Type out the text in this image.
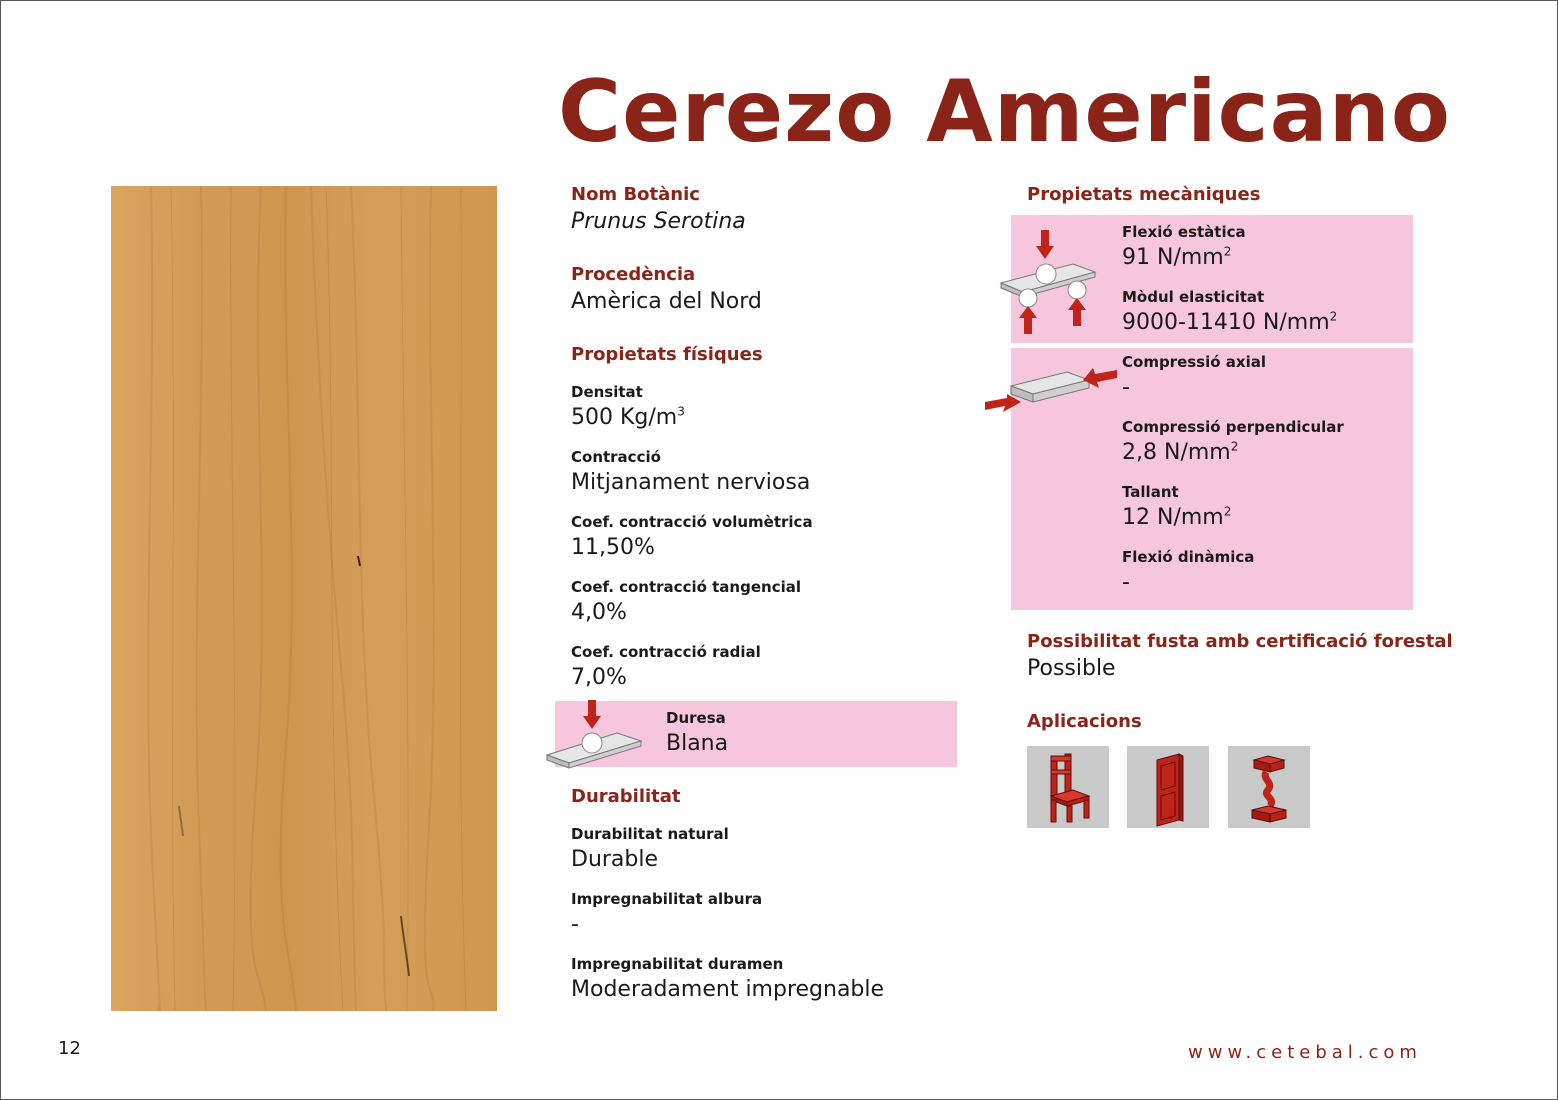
Cerezo Americano
Nom Botànic
Prunus Serotina
Procedència
Amèrica del Nord
Propietats físiques
Densitat
500 $Kg/m^3$
Contracció
Mitjanament nerviosa
Coef. contracció volumètrica
11,50%
Coef. contracció tangencial
4,0%
Coef. contracció radial
7,0%
Duresa
Blana
Durabilitat
Durabilitat natural
Durable
Impregnabilitat albura
-
Impregnabilitat duramen
Moderadament impregnable
Propietats mecàniques
Flexió estàtica
91 $N/mm^2$
Mòdul elasticitat
9000-11410 $N/mm^2$
Compressió axial
-
Compressió perpendicular
2,8 $N/mm^2$
Tallant
12 $N/mm^2$
Flexió dinàmica
-
Possibilitat fusta amb certificació forestal
Possible
Aplicacions
12	www.cetebal.com
